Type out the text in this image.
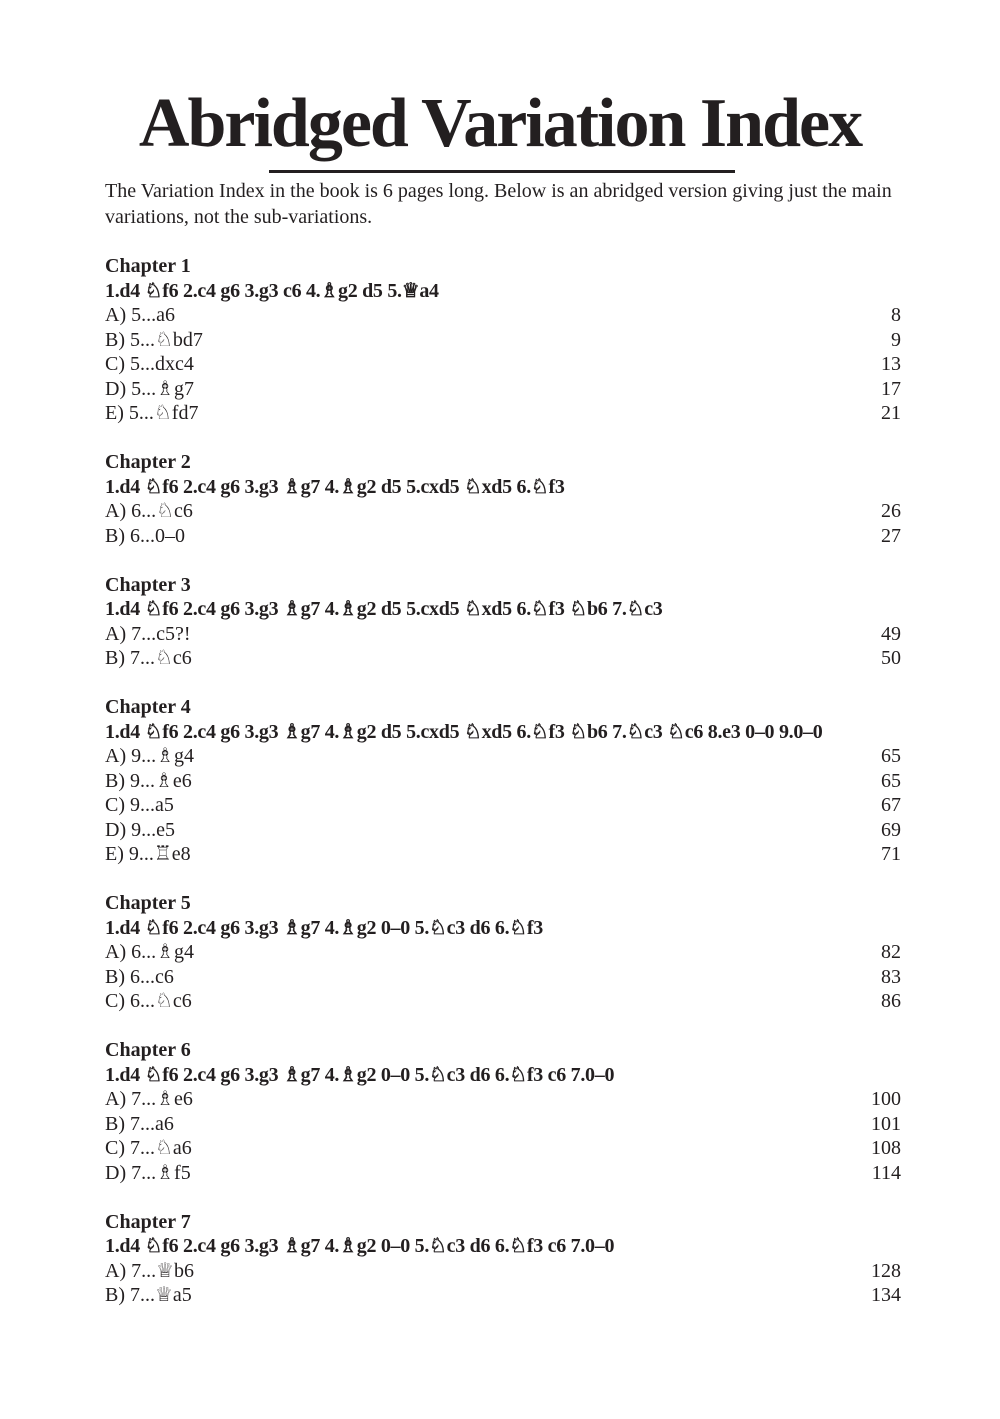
Abridged Variation Index

The Variation Index in the book is 6 pages long. Below is an abridged version giving just the main variations, not the sub-variations.

Chapter 1
1.d4 ♘f6 2.c4 g6 3.g3 c6 4.♗g2 d5 5.♕a4
A) 5...a6	8
B) 5...♘bd7	9
C) 5...dxc4	13
D) 5...♗g7	17
E) 5...♘fd7	21
Chapter 2
1.d4 ♘f6 2.c4 g6 3.g3 ♗g7 4.♗g2 d5 5.cxd5 ♘xd5 6.♘f3
A) 6...♘c6	26
B) 6...0–0	27
Chapter 3
1.d4 ♘f6 2.c4 g6 3.g3 ♗g7 4.♗g2 d5 5.cxd5 ♘xd5 6.♘f3 ♘b6 7.♘c3
A) 7...c5?!	49
B) 7...♘c6	50
Chapter 4
1.d4 ♘f6 2.c4 g6 3.g3 ♗g7 4.♗g2 d5 5.cxd5 ♘xd5 6.♘f3 ♘b6 7.♘c3 ♘c6 8.e3 0–0 9.0–0
A) 9...♗g4	65
B) 9...♗e6	65
C) 9...a5	67
D) 9...e5	69
E) 9...♖e8	71
Chapter 5
1.d4 ♘f6 2.c4 g6 3.g3 ♗g7 4.♗g2 0–0 5.♘c3 d6 6.♘f3
A) 6...♗g4	82
B) 6...c6	83
C) 6...♘c6	86
Chapter 6
1.d4 ♘f6 2.c4 g6 3.g3 ♗g7 4.♗g2 0–0 5.♘c3 d6 6.♘f3 c6 7.0–0
A) 7...♗e6	100
B) 7...a6	101
C) 7...♘a6	108
D) 7...♗f5	114
Chapter 7
1.d4 ♘f6 2.c4 g6 3.g3 ♗g7 4.♗g2 0–0 5.♘c3 d6 6.♘f3 c6 7.0–0
A) 7...♕b6	128
B) 7...♕a5	134
